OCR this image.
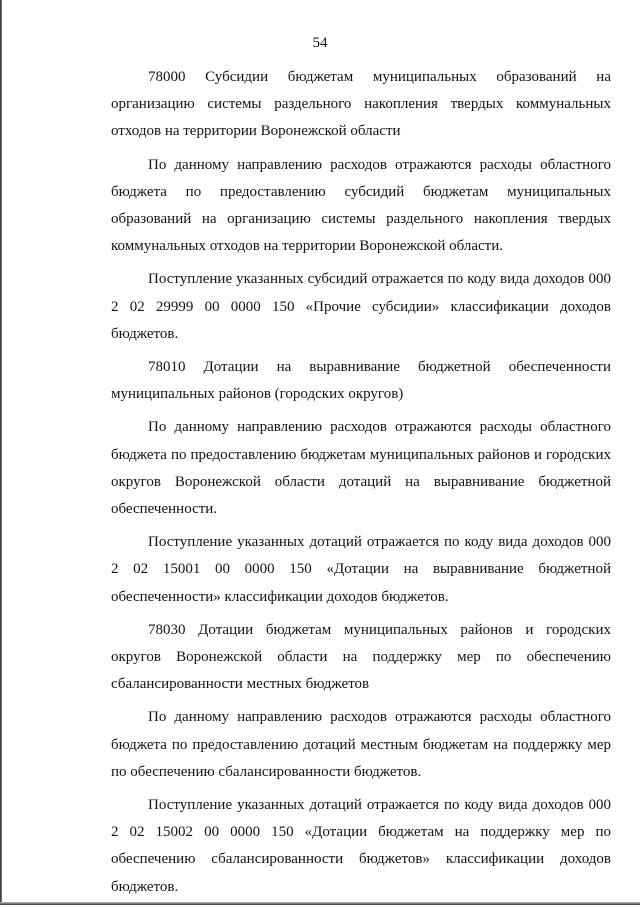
54

78000 Субсидии бюджетам муниципальных образований на организацию системы раздельного накопления твердых коммунальных отходов на территории Воронежской области

По данному направлению расходов отражаются расходы областного бюджета по предоставлению субсидий бюджетам муниципальных образований на организацию системы раздельного накопления твердых коммунальных отходов на территории Воронежской области.

Поступление указанных субсидий отражается по коду вида доходов 000 2 02 29999 00 0000 150 «Прочие субсидии» классификации доходов бюджетов.

78010 Дотации на выравнивание бюджетной обеспеченности муниципальных районов (городских округов)

По данному направлению расходов отражаются расходы областного бюджета по предоставлению бюджетам муниципальных районов и городских округов Воронежской области дотаций на выравнивание бюджетной обеспеченности.

Поступление указанных дотаций отражается по коду вида доходов 000 2 02 15001 00 0000 150 «Дотации на выравнивание бюджетной обеспеченности» классификации доходов бюджетов.

78030 Дотации бюджетам муниципальных районов и городских округов Воронежской области на поддержку мер по обеспечению сбалансированности местных бюджетов

По данному направлению расходов отражаются расходы областного бюджета по предоставлению дотаций местным бюджетам на поддержку мер по обеспечению сбалансированности бюджетов.

Поступление указанных дотаций отражается по коду вида доходов 000 2 02 15002 00 0000 150 «Дотации бюджетам на поддержку мер по обеспечению сбалансированности бюджетов» классификации доходов бюджетов.
